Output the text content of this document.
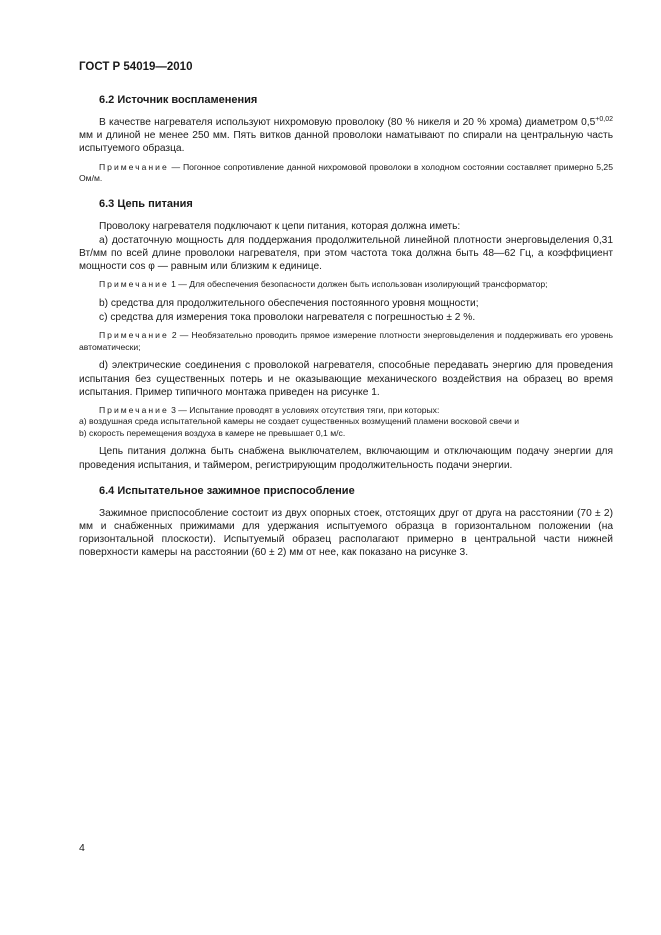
ГОСТ Р 54019—2010
6.2 Источник воспламенения

В качестве нагревателя используют нихромовую проволоку (80 % никеля и 20 % хрома) диаметром $0,5^{+0,02}$ мм и длиной не менее 250 мм. Пять витков данной проволоки наматывают по спирали на центральную часть испытуемого образца.

Примечание — Погонное сопротивление данной нихромовой проволоки в холодном состоянии составляет примерно 5,25 Ом/м.

6.3 Цепь питания

Проволоку нагревателя подключают к цепи питания, которая должна иметь:

а) достаточную мощность для поддержания продолжительной линейной плотности энерговыделения 0,31 Вт/мм по всей длине проволоки нагревателя, при этом частота тока должна быть 48—62 Гц, а коэффициент мощности cos φ — равным или близким к единице.

Примечание 1 — Для обеспечения безопасности должен быть использован изолирующий трансформатор;

b) средства для продолжительного обеспечения постоянного уровня мощности;

с) средства для измерения тока проволоки нагревателя с погрешностью ± 2 %.

Примечание 2 — Необязательно проводить прямое измерение плотности энерговыделения и поддерживать его уровень автоматически;

d) электрические соединения с проволокой нагревателя, способные передавать энергию для проведения испытания без существенных потерь и не оказывающие механического воздействия на образец во время испытания. Пример типичного монтажа приведен на рисунке 1.

Примечание 3 — Испытание проводят в условиях отсутствия тяги, при которых:

а) воздушная среда испытательной камеры не создает существенных возмущений пламени восковой свечи и

b) скорость перемещения воздуха в камере не превышает 0,1 м/с.

Цепь питания должна быть снабжена выключателем, включающим и отключающим подачу энергии для проведения испытания, и таймером, регистрирующим продолжительность подачи энергии.

6.4 Испытательное зажимное приспособление

Зажимное приспособление состоит из двух опорных стоек, отстоящих друг от друга на расстоянии (70 ± 2) мм и снабженных прижимами для удержания испытуемого образца в горизонтальном положении (на горизонтальной плоскости). Испытуемый образец располагают примерно в центральной части нижней поверхности камеры на расстоянии (60 ± 2) мм от нее, как показано на рисунке 3.

4
